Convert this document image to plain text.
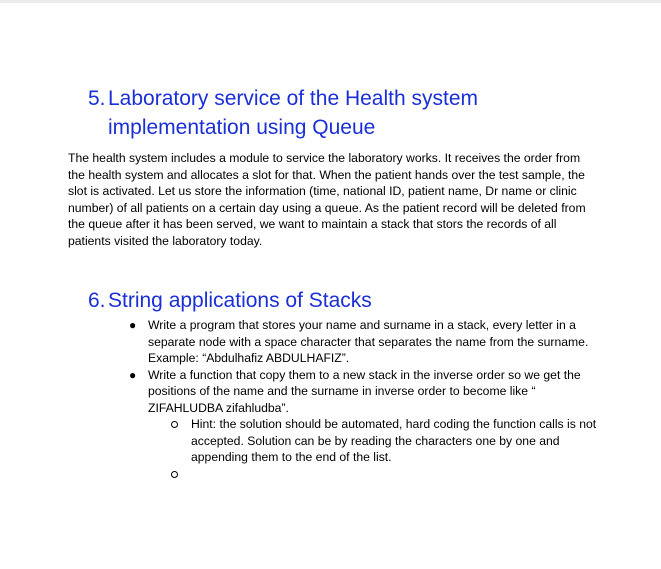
5. Laboratory service of the Health system implementation using Queue

The health system includes a module to service the laboratory works. It receives the order from the health system and allocates a slot for that. When the patient hands over the test sample, the slot is activated. Let us store the information (time, national ID, patient name, Dr name or clinic number) of all patients on a certain day using a queue. As the patient record will be deleted from the queue after it has been served, we want to maintain a stack that stors the records of all patients visited the laboratory today.

6. String applications of Stacks
● Write a program that stores your name and surname in a stack, every letter in a separate node with a space character that separates the name from the surname. Example: “Abdulhafiz ABDULHAFIZ”.
● Write a function that copy them to a new stack in the inverse order so we get the positions of the name and the surname in inverse order to become like “ ZIFAHLUDBA zifahludba”.
Hint: the solution should be automated, hard coding the function calls is not accepted. Solution can be by reading the characters one by one and appending them to the end of the list.
